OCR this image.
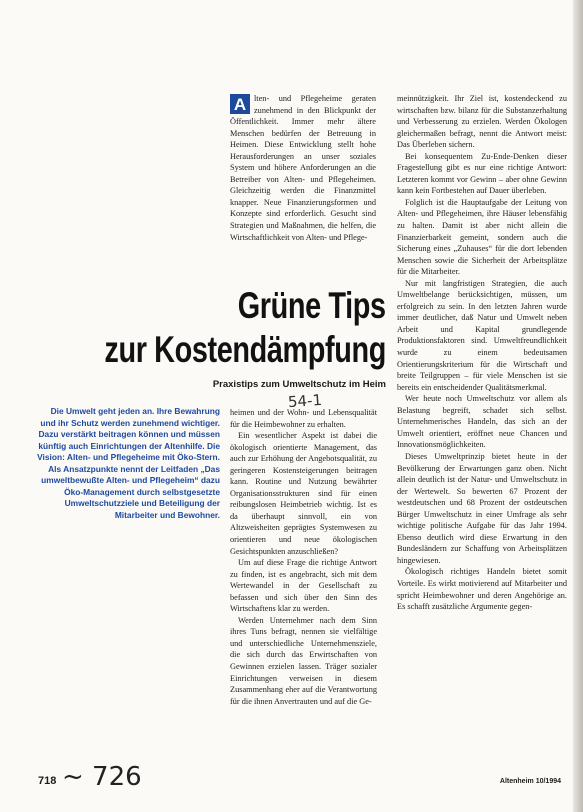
A lten- und Pflegeheime geraten zunehmend in den Blickpunkt der Öffentlichkeit. Immer mehr ältere Menschen bedürfen der Betreuung in Heimen. Diese Entwicklung stellt hohe Herausforderungen an unser soziales System und höhere Anforderungen an die Betreiber von Alten- und Pflegeheimen. Gleichzeitig werden die Finanzmittel knapper. Neue Finanzierungsformen und Konzepte sind erforderlich. Gesucht sind Strategien und Maßnahmen, die helfen, die Wirtschaftlichkeit von Alten- und Pflege-

Grüne Tips
zur Kostendämpfung
Praxistips zum Umweltschutz im Heim
54-1

Die Umwelt geht jeden an. Ihre Bewahrung und ihr Schutz werden zunehmend wichtiger. Dazu verstärkt beitragen können und müssen künftig auch Einrichtungen der Altenhilfe. Die Vision: Alten- und Pflegeheime mit Öko-Stern. Als Ansatzpunkte nennt der Leitfaden „Das umweltbewußte Alten- und Pflegeheim“ dazu Öko-Management durch selbstgesetzte Umweltschutzziele und Beteiligung der Mitarbeiter und Bewohner.

heimen und der Wohn- und Lebensqualität für die Heimbewohner zu erhalten.

Ein wesentlicher Aspekt ist dabei die ökologisch orientierte Management, das auch zur Erhöhung der Angebotsqualität, zu geringeren Kostensteigerungen beitragen kann. Routine und Nutzung bewährter Organisationsstrukturen sind für einen reibungslosen Heimbetrieb wichtig. Ist es da überhaupt sinnvoll, ein von Altzweisheiten geprägtes Systemwesen zu orientieren und neue ökologischen Gesichtspunkten anzuschließen?

Um auf diese Frage die richtige Antwort zu finden, ist es angebracht, sich mit dem Wertewandel in der Gesellschaft zu befassen und sich über den Sinn des Wirtschaftens klar zu werden.

Werden Unternehmer nach dem Sinn ihres Tuns befragt, nennen sie vielfältige und unterschiedliche Unternehmensziele, die sich durch das Erwirtschaften von Gewinnen erzielen lassen. Träger sozialer Einrichtungen verweisen in diesem Zusammenhang eher auf die Verantwortung für die ihnen Anvertrauten und auf die Ge-

meinnützigkeit. Ihr Ziel ist, kostendeckend zu wirtschaften bzw. bilanz für die Substanzerhaltung und Verbesserung zu erzielen. Werden Ökologen gleichermaßen befragt, nennt die Antwort meist: Das Überleben sichern.

Bei konsequentem Zu-Ende-Denken dieser Fragestellung gibt es nur eine richtige Antwort: Letzteren kommt vor Gewinn – aber ohne Gewinn kann kein Fortbestehen auf Dauer überleben.

Folglich ist die Hauptaufgabe der Leitung von Alten- und Pflegeheimen, ihre Häuser lebensfähig zu halten. Damit ist aber nicht allein die Finanzierbarkeit gemeint, sondern auch die Sicherung eines „Zuhauses“ für die dort lebenden Menschen sowie die Sicherheit der Arbeitsplätze für die Mitarbeiter.

Nur mit langfristigen Strategien, die auch Umweltbelange berücksichtigen, müssen, um erfolgreich zu sein. In den letzten Jahren wurde immer deutlicher, daß Natur und Umwelt neben Arbeit und Kapital grundlegende Produktionsfaktoren sind. Umweltfreundlichkeit wurde zu einem bedeutsamen Orientierungskriterium für die Wirtschaft und breite Teilgruppen – für viele Menschen ist sie bereits ein entscheidender Qualitätsmerkmal.

Wer heute noch Umweltschutz vor allem als Belastung begreift, schadet sich selbst. Unternehmerisches Handeln, das sich an der Umwelt orientiert, eröffnet neue Chancen und Innovationsmöglichkeiten.

Dieses Umweltprinzip bietet heute in der Bevölkerung der Erwartungen ganz oben. Nicht allein deutlich ist der Natur- und Umweltschutz in der Wertewelt. So bewerten 67 Prozent der westdeutschen und 68 Prozent der ostdeutschen Bürger Umweltschutz in einer Umfrage als sehr wichtige politische Aufgabe für das Jahr 1994. Ebenso deutlich wird diese Erwartung in den Bundesländern zur Schaffung von Arbeitsplätzen hingewiesen.

Ökologisch richtiges Handeln bietet somit Vorteile. Es wirkt motivierend auf Mitarbeiter und spricht Heimbewohner und deren Angehörige an. Es schafft zusätzliche Argumente gegen-

718 ~ 726	Altenheim 10/1994
